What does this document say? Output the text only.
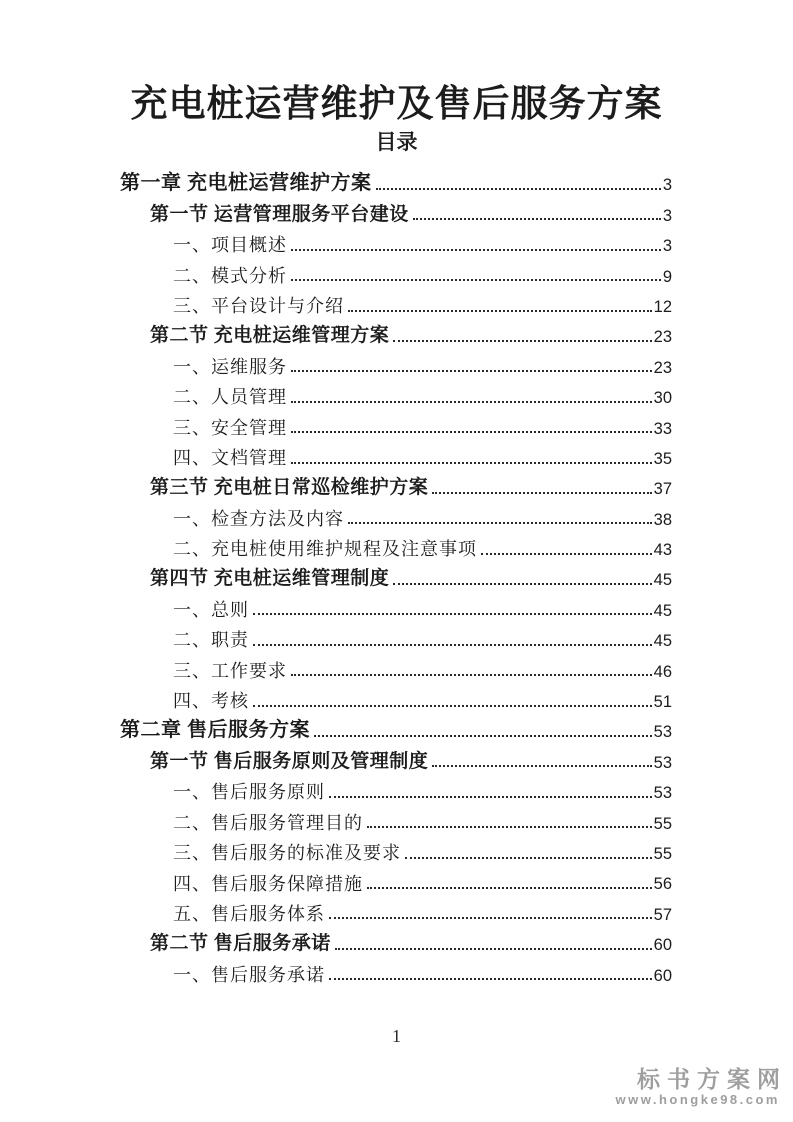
充电桩运营维护及售后服务方案
目录
第一章 充电桩运营维护方案	3
第一节 运营管理服务平台建设	3
一、项目概述	3
二、模式分析	9
三、平台设计与介绍	12
第二节 充电桩运维管理方案	23
一、运维服务	23
二、人员管理	30
三、安全管理	33
四、文档管理	35
第三节 充电桩日常巡检维护方案	37
一、检查方法及内容	38
二、充电桩使用维护规程及注意事项	43
第四节 充电桩运维管理制度	45
一、总则	45
二、职责	45
三、工作要求	46
四、考核	51
第二章 售后服务方案	53
第一节 售后服务原则及管理制度	53
一、售后服务原则	53
二、售后服务管理目的	55
三、售后服务的标准及要求	55
四、售后服务保障措施	56
五、售后服务体系	57
第二节 售后服务承诺	60
一、售后服务承诺	60
1
标书方案网
www.hongke98.com
